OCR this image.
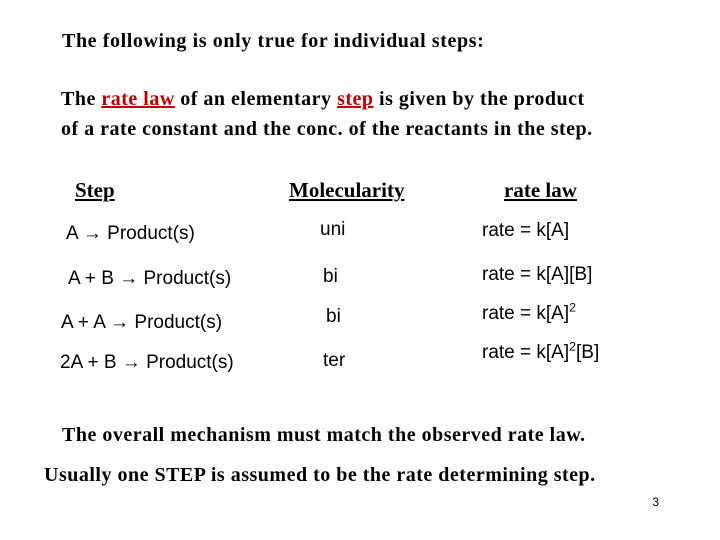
The following is only true for individual steps:
The rate law of an elementary step is given by the product
of a rate constant and the conc. of the reactants in the step.
Step	Molecularity	rate law
A → Product(s)	uni	rate = k[A]
A + B → Product(s)	bi	rate = k[A][B]
A + A → Product(s)	bi	rate = $k[A]^2$
2A + B → Product(s)	ter	rate = $k[A]^2[B]$
The overall mechanism must match the observed rate law.
Usually one STEP is assumed to be the rate determining step.
3
